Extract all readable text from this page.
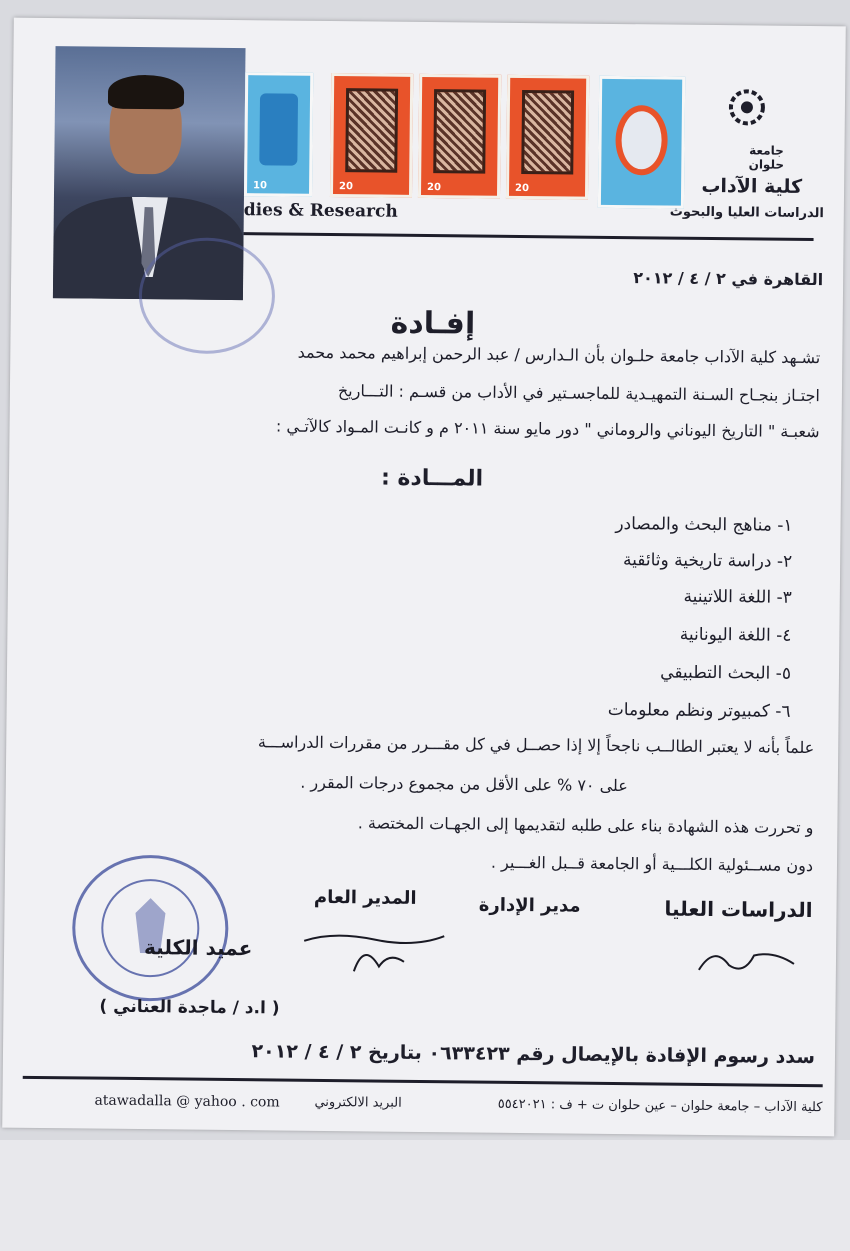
10	20	20	20
جامعة حلوان
كلية الآداب
الدراسات العليا والبحوث
dies & Research
القاهرة في ٢ / ٤ / ٢٠١٢
إفـادة
تشـهد كلية الآداب جامعة حلـوان بأن الـدارس / عبد الرحمن إبراهيم محمد محمد
اجتـاز بنجـاح السـنة التمهيـدية للماجسـتير في الأداب من قسـم : التـــاريخ
شعبـة " التاريخ اليوناني والروماني " دور مايو سنة ٢٠١١ م و كانـت المـواد كالآتـي :
المـــادة :
١- مناهج البحث والمصادر
٢- دراسة تاريخية وثائقية
٣- اللغة اللاتينية
٤- اللغة اليونانية
٥- البحث التطبيقي
٦- كمبيوتر ونظم معلومات
علماً بأنه لا يعتبر الطالــب ناجحاً إلا إذا حصــل في كل مقـــرر من مقررات الدراســـة
على ٧٠ % على الأقل من مجموع درجات المقرر .
و تحررت هذه الشهادة بناء على طلبه لتقديمها إلى الجهـات المختصة .
دون مســئولية الكلـــية أو الجامعة قــبل الغـــير .
الدراسات العليا
مدير الإدارة
المدير العام
عميد الكلية
( ا.د / ماجدة العناني )
سدد رسوم الإفادة بالإيصال رقم ٠٦٣٣٤٢٣ بتاريخ ٢ / ٤ / ٢٠١٢
كلية الآداب – جامعة حلوان – عين حلوان ت + ف : ٥٥٤٢٠٢١
البريد الالكتروني
atawadalla @ yahoo . com
